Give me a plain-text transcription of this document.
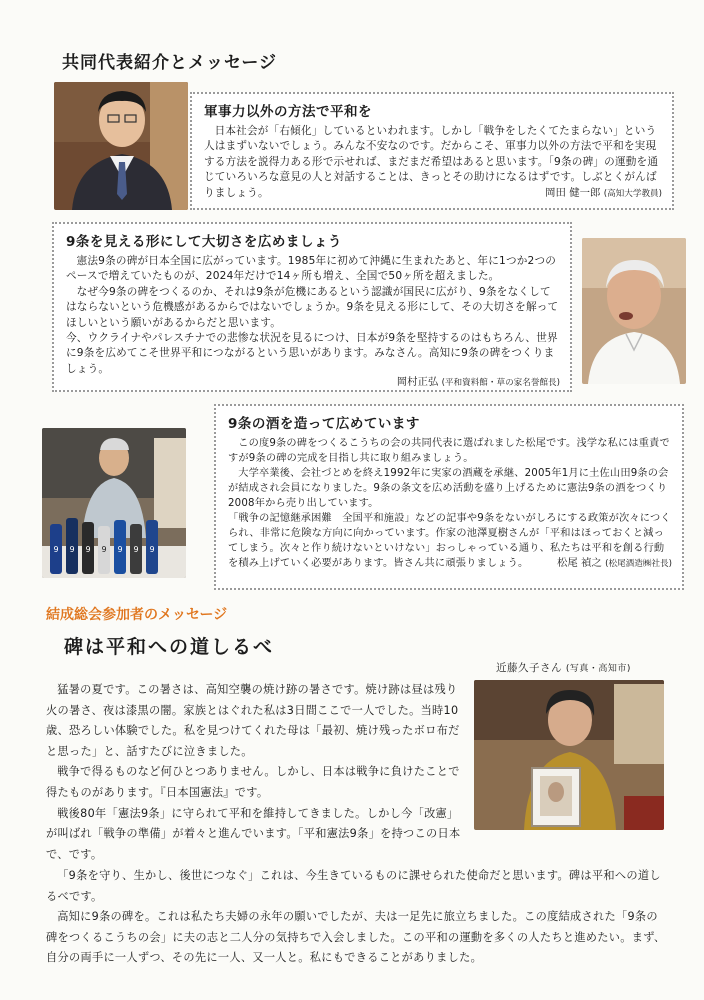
共同代表紹介とメッセージ
軍事力以外の方法で平和を

日本社会が「右傾化」しているといわれます。しかし「戦争をしたくてたまらない」という人はまずいないでしょう。みんな不安なのです。だからこそ、軍事力以外の方法で平和を実現する方法を説得力ある形で示せれば、まだまだ希望はあると思います。「9条の碑」の運動を通じていろいろな意見の人と対話することは、きっとその助けになるはずです。しぶとくがんばりましょう。	岡田 健一郎 (高知大学教員)
9条を見える形にして大切さを広めましょう

憲法9条の碑が日本全国に広がっています。1985年に初めて沖縄に生まれたあと、年に1つか2つのペースで増えていたものが、2024年だけで14ヶ所も増え、全国で50ヶ所を超えました。

なぜ今9条の碑をつくるのか、それは9条が危機にあるという認識が国民に広がり、9条をなくしてはならないという危機感があるからではないでしょうか。9条を見える形にして、その大切さを解ってほしいという願いがあるからだと思います。

今、ウクライナやパレスチナでの悲惨な状況を見るにつけ、日本が9条を堅持するのはもちろん、世界に9条を広めてこそ世界平和につながるという思いがあります。みなさん。高知に9条の碑をつくりましょう。

岡村正弘 (平和資料館・草の家名誉館長)
9 9 9 9 9 9 9
9条の酒を造って広めています

この度9条の碑をつくるこうちの会の共同代表に選ばれました松尾です。浅学な私には重責ですが9条の碑の完成を目指し共に取り組みましょう。

大学卒業後、会社づとめを終え1992年に実家の酒蔵を承継、2005年1月に土佐山田9条の会が結成され会員になりました。9条の条文を広め活動を盛り上げるために憲法9条の酒をつくり2008年から売り出しています。

「戦争の記憶継承困難　全国平和施設」などの記事や9条をないがしろにする政策が次々につくられ、非常に危険な方向に向かっています。作家の池澤夏樹さんが「平和はほっておくと減ってしまう。次々と作り続けないといけない」おっしゃっている通り、私たちは平和を創る行動を積み上げていく必要があります。皆さん共に頑張りましょう。	松尾 禎之 (松尾酒造㈱社長)
結成総会参加者のメッセージ
碑は平和への道しるべ
近藤久子さん (写真・高知市)

猛暑の夏です。この暑さは、高知空襲の焼け跡の暑さです。焼け跡は昼は残り火の暑さ、夜は漆黒の闇。家族とはぐれた私は3日間ここで一人でした。当時10歳、恐ろしい体験でした。私を見つけてくれた母は「最初、焼け残ったボロ布だと思った」と、話すたびに泣きました。

戦争で得るものなど何ひとつありません。しかし、日本は戦争に負けたことで得たものがあります。『日本国憲法』です。

戦後80年「憲法9条」に守られて平和を維持してきました。しかし今「改憲」が叫ばれ「戦争の準備」が着々と進んでいます。「平和憲法9条」を持つこの日本で、です。

「9条を守り、生かし、後世につなぐ」これは、今生きているものに課せられた使命だと思います。碑は平和への道しるべです。

高知に9条の碑を。これは私たち夫婦の永年の願いでしたが、夫は一足先に旅立ちました。この度結成された「9条の碑をつくるこうちの会」に夫の志と二人分の気持ちで入会しました。この平和の運動を多くの人たちと進めたい。まず、自分の両手に一人ずつ、その先に一人、又一人と。私にもできることがありました。
